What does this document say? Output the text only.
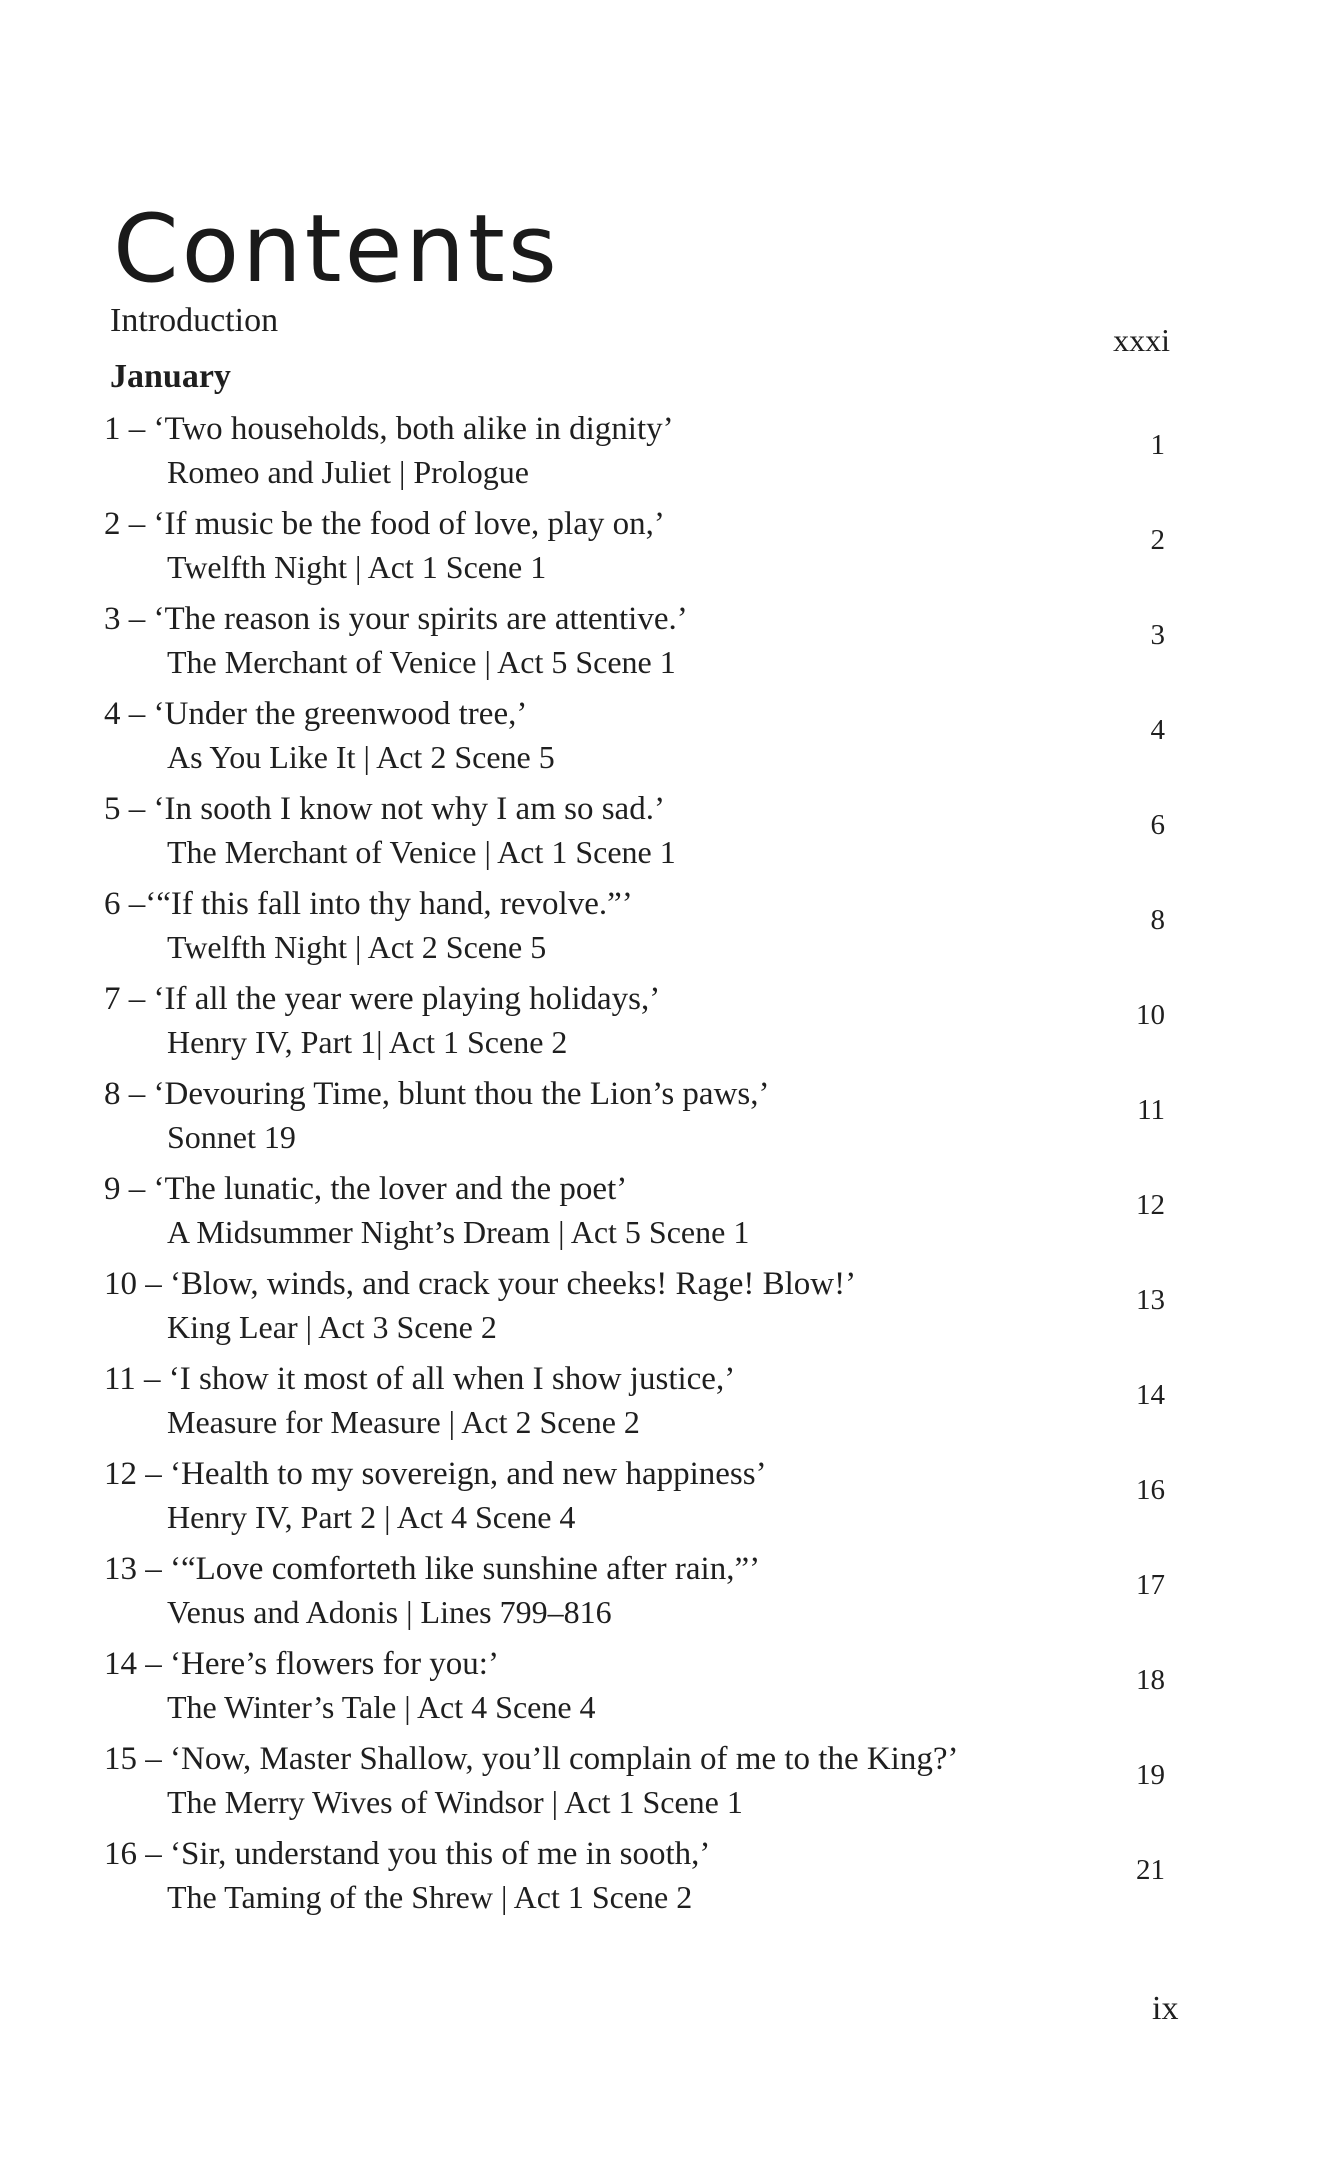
Contents
Introduction
xxxi
January
1 – ‘Two households, both alike in dignity’
Romeo and Juliet | Prologue
1
2 – ‘If music be the food of love, play on,’
Twelfth Night | Act 1 Scene 1
2
3 – ‘The reason is your spirits are attentive.’
The Merchant of Venice | Act 5 Scene 1
3
4 – ‘Under the greenwood tree,’
As You Like It | Act 2 Scene 5
4
5 – ‘In sooth I know not why I am so sad.’
The Merchant of Venice | Act 1 Scene 1
6
6 –‘“If this fall into thy hand, revolve.”’
Twelfth Night | Act 2 Scene 5
8
7 – ‘If all the year were playing holidays,’
Henry IV, Part 1| Act 1 Scene 2
10
8 – ‘Devouring Time, blunt thou the Lion’s paws,’
Sonnet 19
11
9 – ‘The lunatic, the lover and the poet’
A Midsummer Night’s Dream | Act 5 Scene 1
12
10 – ‘Blow, winds, and crack your cheeks! Rage! Blow!’
King Lear | Act 3 Scene 2
13
11 – ‘I show it most of all when I show justice,’
Measure for Measure | Act 2 Scene 2
14
12 – ‘Health to my sovereign, and new happiness’
Henry IV, Part 2 | Act 4 Scene 4
16
13 – ‘“Love comforteth like sunshine after rain,”’
Venus and Adonis | Lines 799–816
17
14 – ‘Here’s flowers for you:’
The Winter’s Tale | Act 4 Scene 4
18
15 – ‘Now, Master Shallow, you’ll complain of me to the King?’
The Merry Wives of Windsor | Act 1 Scene 1
19
16 – ‘Sir, understand you this of me in sooth,’
The Taming of the Shrew | Act 1 Scene 2
21
ix
